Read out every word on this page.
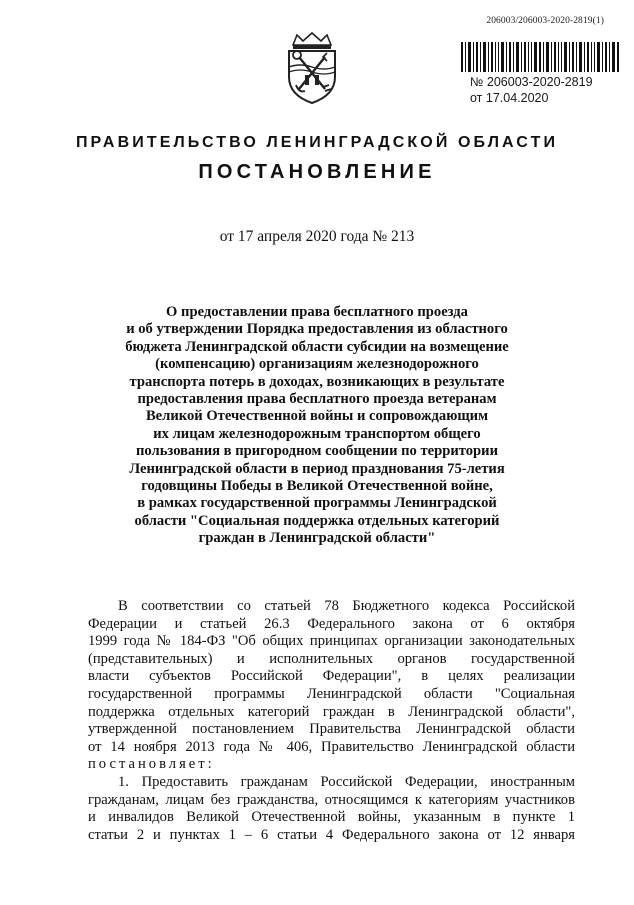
206003/206003-2020-2819(1)
№ 206003-2020-2819
от 17.04.2020
ПРАВИТЕЛЬСТВО ЛЕНИНГРАДСКОЙ ОБЛАСТИ
ПОСТАНОВЛЕНИЕ
от 17 апреля 2020 года № 213
О предоставлении права бесплатного проезда
и об утверждении Порядка предоставления из областного
бюджета Ленинградской области субсидии на возмещение
(компенсацию) организациям железнодорожного
транспорта потерь в доходах, возникающих в результате
предоставления права бесплатного проезда ветеранам
Великой Отечественной войны и сопровождающим
их лицам железнодорожным транспортом общего
пользования в пригородном сообщении по территории
Ленинградской области в период празднования 75-летия
годовщины Победы в Великой Отечественной войне,
в рамках государственной программы Ленинградской
области "Социальная поддержка отдельных категорий
граждан в Ленинградской области"
В соответствии со статьей 78 Бюджетного кодекса Российской
Федерации и статьей 26.3 Федерального закона от 6 октября
1999 года № 184-ФЗ "Об общих принципах организации законодательных
(представительных) и исполнительных органов государственной
власти субъектов Российской Федерации", в целях реализации
государственной программы Ленинградской области "Социальная
поддержка отдельных категорий граждан в Ленинградской области",
утвержденной постановлением Правительства Ленинградской области
от 14 ноября 2013 года № 406, Правительство Ленинградской области
постановляет:
1. Предоставить гражданам Российской Федерации, иностранным
гражданам, лицам без гражданства, относящимся к категориям участников
и инвалидов Великой Отечественной войны, указанным в пункте 1
статьи 2 и пунктах 1 – 6 статьи 4 Федерального закона от 12 января
